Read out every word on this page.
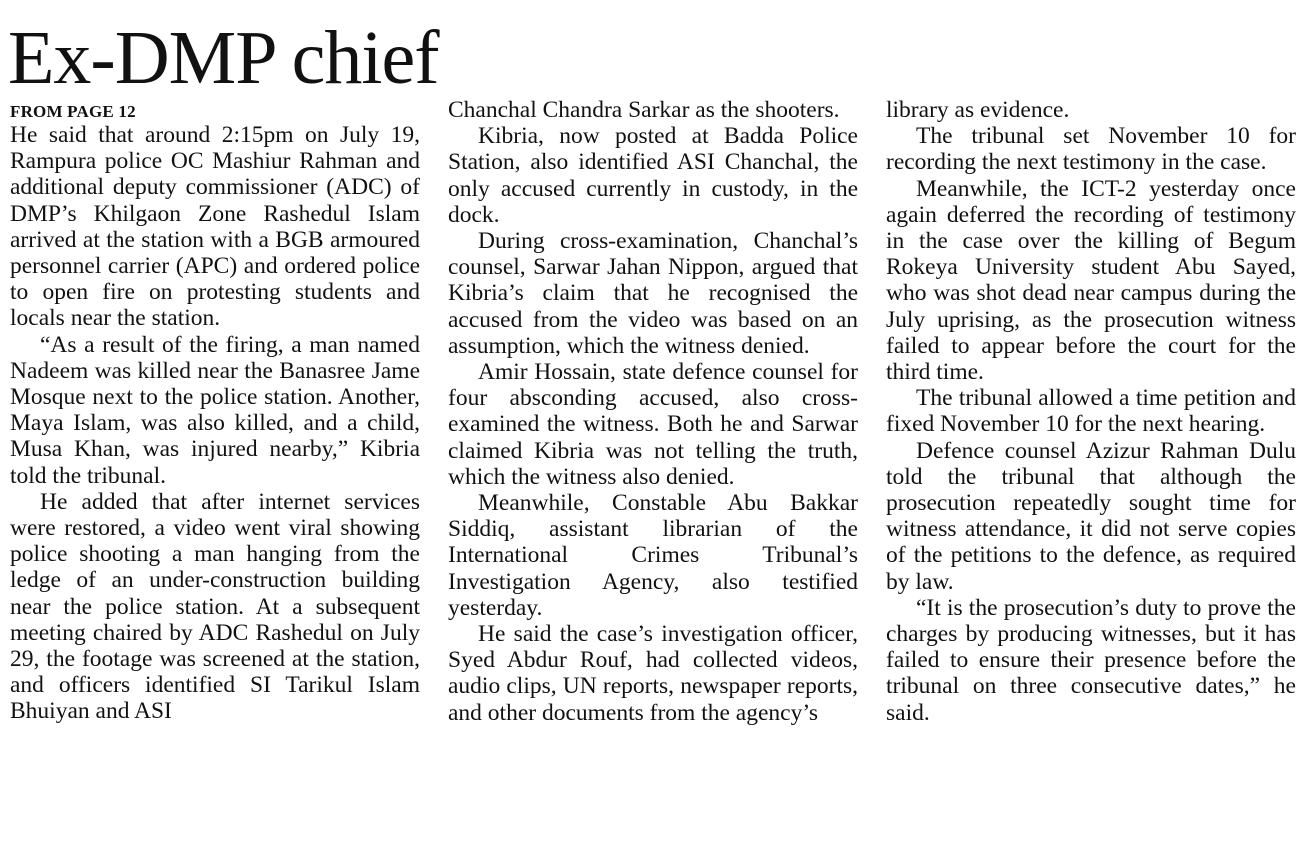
Ex-DMP chief
FROM PAGE 12

He said that around 2:15pm on July 19, Rampura police OC Mashiur Rahman and additional deputy commissioner (ADC) of DMP’s Khilgaon Zone Rashedul Islam arrived at the station with a BGB armoured personnel carrier (APC) and ordered police to open fire on protesting students and locals near the station.

“As a result of the firing, a man named Nadeem was killed near the Banasree Jame Mosque next to the police station. Another, Maya Islam, was also killed, and a child, Musa Khan, was injured nearby,” Kibria told the tribunal.

He added that after internet services were restored, a video went viral showing police shooting a man hanging from the ledge of an under-construction building near the police station. At a subsequent meeting chaired by ADC Rashedul on July 29, the footage was screened at the station, and officers identified SI Tarikul Islam Bhuiyan and ASI

Chanchal Chandra Sarkar as the shooters.

Kibria, now posted at Badda Police Station, also identified ASI Chanchal, the only accused currently in custody, in the dock.

During cross-examination, Chanchal’s counsel, Sarwar Jahan Nippon, argued that Kibria’s claim that he recognised the accused from the video was based on an assumption, which the witness denied.

Amir Hossain, state defence counsel for four absconding accused, also cross-examined the witness. Both he and Sarwar claimed Kibria was not telling the truth, which the witness also denied.

Meanwhile, Constable Abu Bakkar Siddiq, assistant librarian of the International Crimes Tribunal’s Investigation Agency, also testified yesterday.

He said the case’s investigation officer, Syed Abdur Rouf, had collected videos, audio clips, UN reports, newspaper reports, and other documents from the agency’s

library as evidence.

The tribunal set November 10 for recording the next testimony in the case.

Meanwhile, the ICT-2 yesterday once again deferred the recording of testimony in the case over the killing of Begum Rokeya University student Abu Sayed, who was shot dead near campus during the July uprising, as the prosecution witness failed to appear before the court for the third time.

The tribunal allowed a time petition and fixed November 10 for the next hearing.

Defence counsel Azizur Rahman Dulu told the tribunal that although the prosecution repeatedly sought time for witness attendance, it did not serve copies of the petitions to the defence, as required by law.

“It is the prosecution’s duty to prove the charges by producing witnesses, but it has failed to ensure their presence before the tribunal on three consecutive dates,” he said.
